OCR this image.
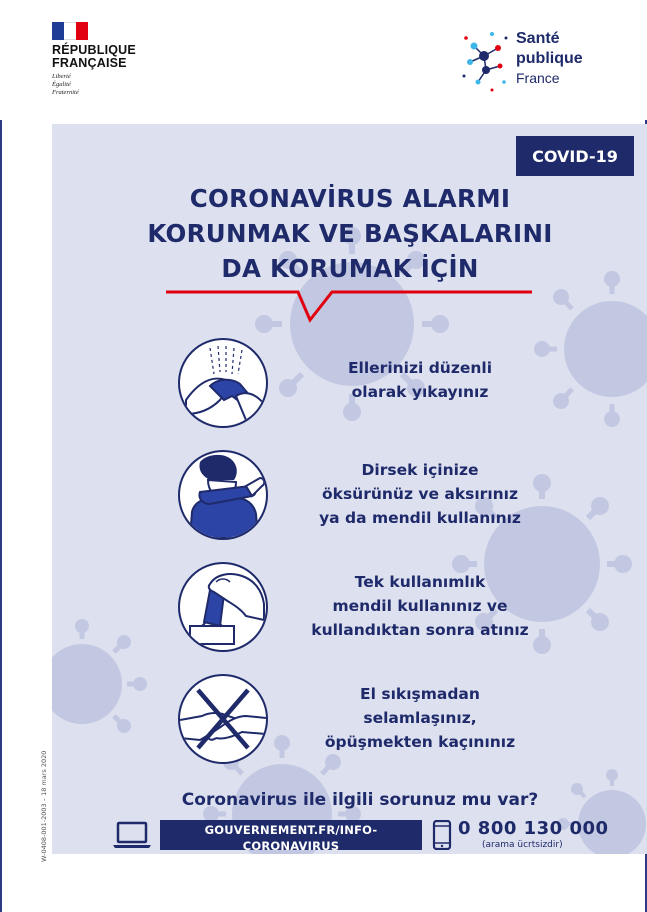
RÉPUBLIQUE FRANÇAISE
Liberté
Égalité
Fraternité
Santé
publique
France
COVID-19
CORONAVİRUS ALARMI
KORUNMAK VE BAŞKALARINI
DA KORUMAK İÇİN
Ellerinizi düzenli
olarak yıkayınız
Dirsek içinize
öksürünüz ve aksırınız
ya da mendil kullanınız
Tek kullanımlık
mendil kullanınız ve
kullandıktan sonra atınız
El sıkışmadan
selamlaşınız,
öpüşmekten kaçınınız
Coronavirus ile ilgili sorunuz mu var?
GOUVERNEMENT.FR/INFO-CORONAVIRUS
(BİLGİLER FRANSIZCA VERİLMEKTEDİR)
0 800 130 000
(arama ücrtsizdir)
W-0408-001-2003 – 18 mars 2020
